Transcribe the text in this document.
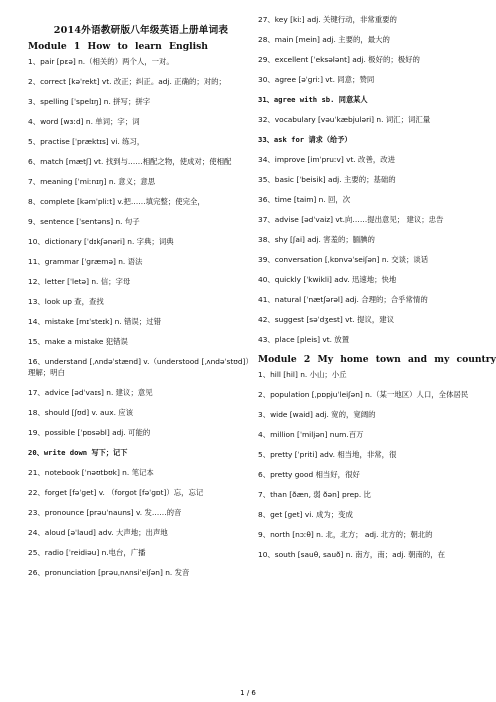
2014外语教研版八年级英语上册单词表
Module 1 How to learn English
1、pair [pɛə] n.（相关的）两个人，一对。
2、correct [kəˈrekt] vt. 改正；纠正。adj. 正确的；对的；
3、spelling [ˈspelɪŋ] n. 拼写；拼字
4、word [wɜːd] n. 单词；字；词
5、practise [ˈpræktɪs] vi. 练习，
6、match [mætʃ] vt. 找到与……相配之物，使成对；使相配
7、meaning [ˈmiːnɪŋ] n. 意义；意思
8、complete [kəmˈpliːt] v.把……填完整；使完全，
9、sentence [ˈsentəns] n. 句子
10、dictionary [ˈdɪkʃənəri] n. 字典；词典
11、grammar [ˈɡræmə] n. 语法
12、letter [ˈletə] n. 信；字母
13、look up 查，查找
14、mistake [mɪˈsteɪk] n. 错误；过错
15、make a mistake 犯错误
16、understand [ˌʌndəˈstænd] v.（understood [ˌʌndəˈstʊd]）理解；明白
17、advice [ədˈvaɪs] n. 建议；意见
18、should [ʃʊd] v. aux. 应该
19、possible [ˈpɒsəbl] adj. 可能的
20、write down 写下；记下
21、notebook [ˈnəʊtbʊk] n. 笔记本
22、forget [fəˈɡet] v. （forgot [fəˈɡɒt]）忘，忘记
23、pronounce [prəuˈnauns] v. 发……的音
24、aloud [əˈlaud] adv. 大声地；出声地
25、radio [ˈreidiəu] n.电台，广播
26、pronunciation [prəuˌnʌnsiˈeiʃən] n. 发音
27、key [kiː] adj. 关键行动，非常重要的
28、main [mein] adj. 主要的，最大的
29、excellent [ˈeksələnt] adj. 极好的；极好的
30、agree [əˈɡriː] vt. 同意；赞同
31、agree with sb. 同意某人
32、vocabulary [vəuˈkæbjuləri] n. 词汇；词汇量
33、ask for 请求（给予）
34、improve [imˈpruːv] vt. 改善，改进
35、basic [ˈbeisik] adj. 主要的；基础的
36、time [taim] n. 回，次
37、advise [ədˈvaiz] vt.向……提出意见； 建议；忠告
38、shy [ʃai] adj. 害羞的；腼腆的
39、conversation [ˌkɒnvəˈseiʃən] n. 交谈；谈话
40、quickly [ˈkwikli] adv. 迅速地；快地
41、natural [ˈnætʃərəl] adj. 合理的；合乎常情的
42、suggest [səˈdʒest] vt. 提议，建议
43、place [pleis] vt. 放置
Module 2 My home town and my country
1、hill [hil] n. 小山；小丘
2、population [ˌpɒpjuˈleiʃən] n.（某一地区）人口，全体居民
3、wide [waid] adj. 宽的，宽阔的
4、million [ˈmiljən] num.百万
5、pretty [ˈpriti] adv. 相当地，非常，很
6、pretty good 相当好，很好
7、than [ðæn, 弱 ðən] prep. 比
8、get [ɡet] vi. 成为；变成
9、north [nɔːθ] n. 北，北方； adj. 北方的；朝北的
10、south [sauθ, sauð] n. 南方，南；adj. 朝南的，在
1 / 6
